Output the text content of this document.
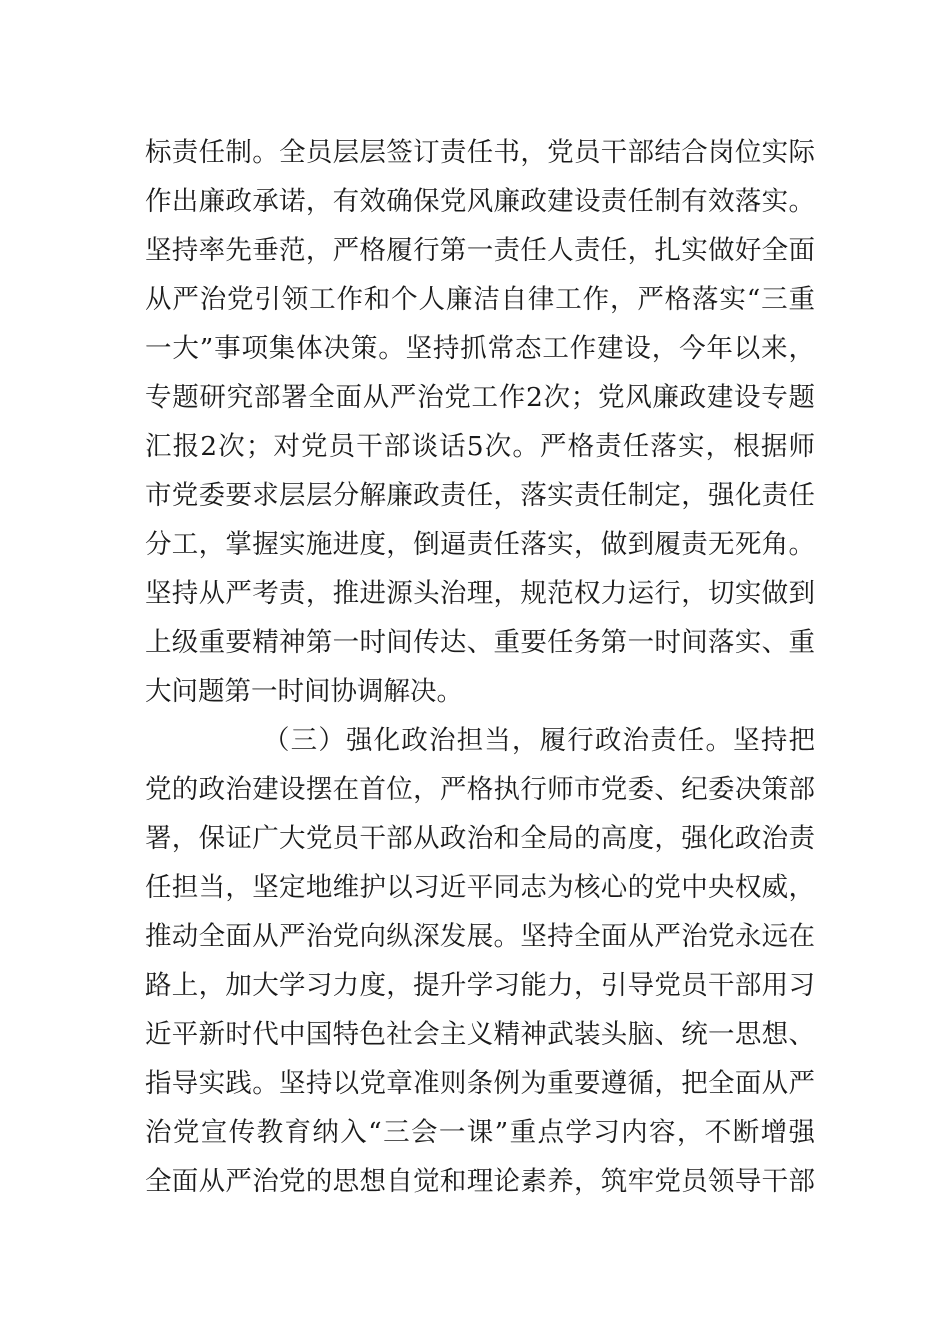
标责任制。全员层层签订责任书，党员干部结合岗位实际
作出廉政承诺，有效确保党风廉政建设责任制有效落实。
坚持率先垂范，严格履行第一责任人责任，扎实做好全面
从严治党引领工作和个人廉洁自律工作，严格落实“三重
一大”事项集体决策。坚持抓常态工作建设，今年以来，
专题研究部署全面从严治党工作2次；党风廉政建设专题
汇报2次；对党员干部谈话5次。严格责任落实，根据师
市党委要求层层分解廉政责任，落实责任制定，强化责任
分工，掌握实施进度，倒逼责任落实，做到履责无死角。
坚持从严考责，推进源头治理，规范权力运行，切实做到
上级重要精神第一时间传达、重要任务第一时间落实、重
大问题第一时间协调解决。
（三）强化政治担当，履行政治责任。坚持把
党的政治建设摆在首位，严格执行师市党委、纪委决策部
署，保证广大党员干部从政治和全局的高度，强化政治责
任担当，坚定地维护以习近平同志为核心的党中央权威，
推动全面从严治党向纵深发展。坚持全面从严治党永远在
路上，加大学习力度，提升学习能力，引导党员干部用习
近平新时代中国特色社会主义精神武装头脑、统一思想、
指导实践。坚持以党章准则条例为重要遵循，把全面从严
治党宣传教育纳入“三会一课”重点学习内容，不断增强
全面从严治党的思想自觉和理论素养，筑牢党员领导干部
